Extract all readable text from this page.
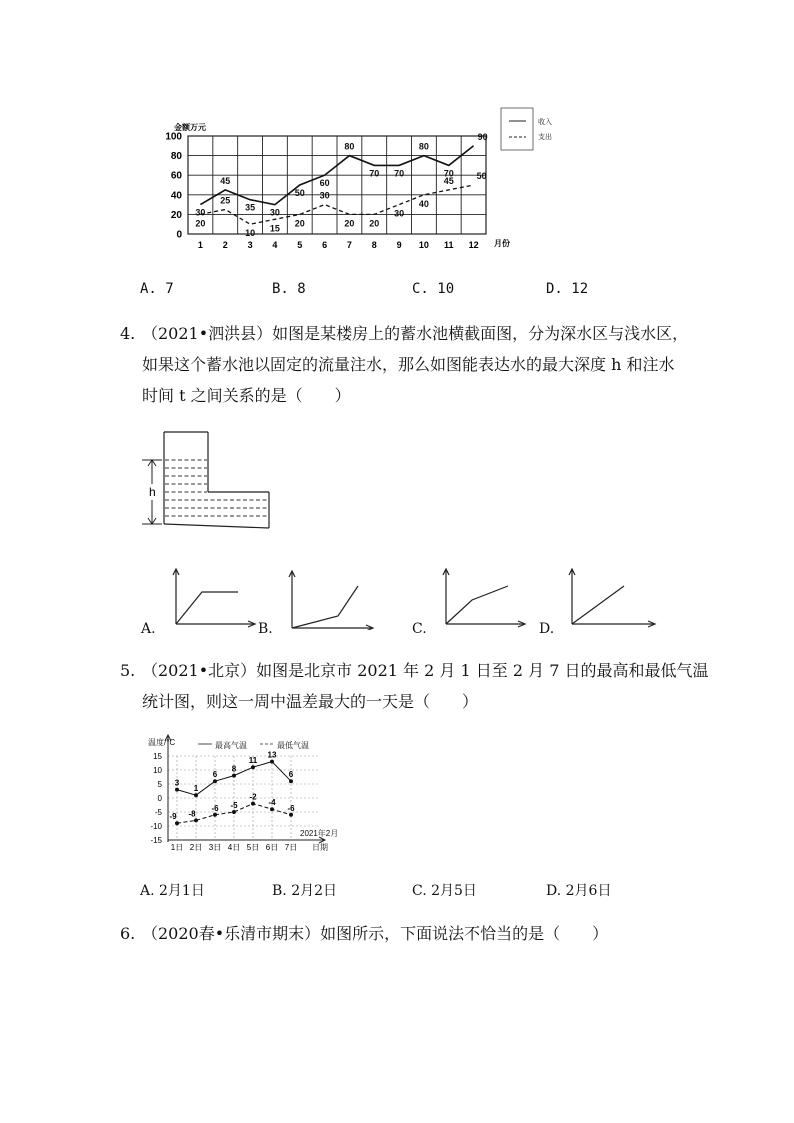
金额万元
0
20
40
60
80
100
1 2 3 4 5 6 7 8 9 10 11 12 月份
30
45
35 30
50
60
80
70 70
80
70
90
20
25
10 15 20
30
20 20
30
40
45	50
收入
支出
A. 7	B. 8	C. 10	D. 12
4. （2021•泗洪县）如图是某楼房上的蓄水池横截面图，分为深水区与浅水区，
如果这个蓄水池以固定的流量注水，那么如图能表达水的最大深度 h 和注水
时间 t 之间关系的是（　　）
h
A.	B.	C.	D.
5. （2021•北京）如图是北京市 2021 年 2 月 1 日至 2 月 7 日的最高和最低气温
统计图，则这一周中温差最大的一天是（　　）
15
10
5
0
-5
-10
-15
1日 2日 3日 4日 5日 6日 7日
3
1
6
8
11
13
6
-9 -8
-6 -5
-2
-4
-6
温度/°C	最高气温	最低气温
2021年2月
日期
A. 2月1日	B. 2月2日	C. 2月5日	D. 2月6日
6. （2020春•乐清市期末）如图所示，下面说法不恰当的是（　　）
